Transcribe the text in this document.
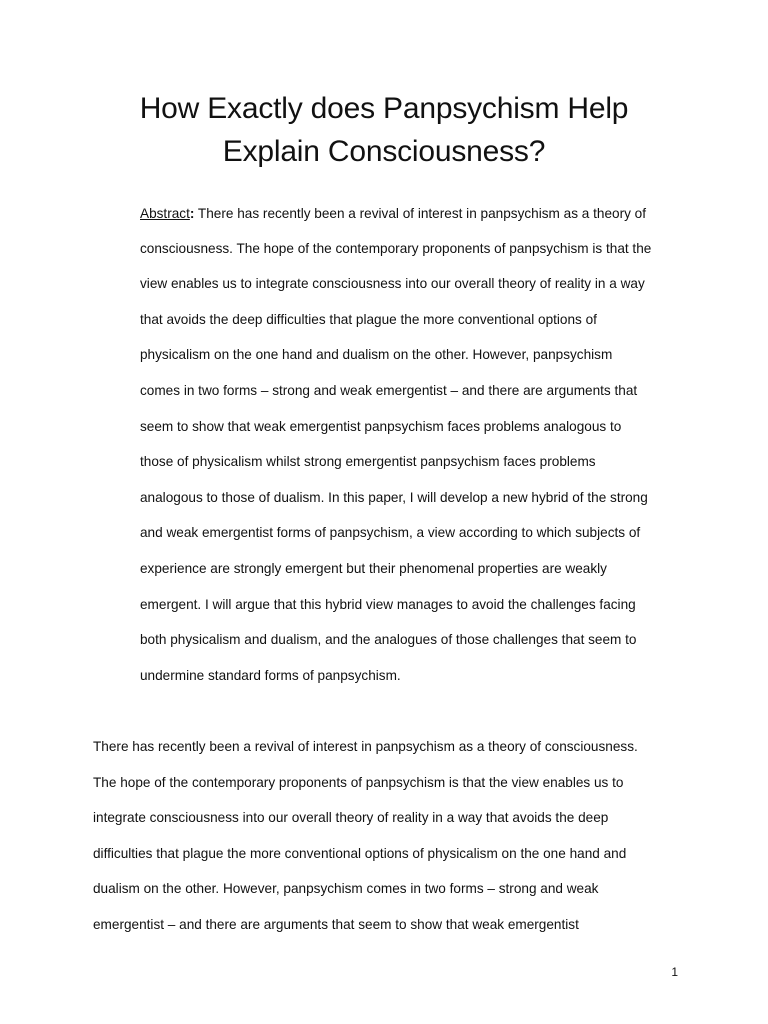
How Exactly does Panpsychism Help
Explain Consciousness?
Abstract: There has recently been a revival of interest in panpsychism as a theory of
consciousness. The hope of the contemporary proponents of panpsychism is that the
view enables us to integrate consciousness into our overall theory of reality in a way
that avoids the deep difficulties that plague the more conventional options of
physicalism on the one hand and dualism on the other. However, panpsychism
comes in two forms – strong and weak emergentist – and there are arguments that
seem to show that weak emergentist panpsychism faces problems analogous to
those of physicalism whilst strong emergentist panpsychism faces problems
analogous to those of dualism. In this paper, I will develop a new hybrid of the strong
and weak emergentist forms of panpsychism, a view according to which subjects of
experience are strongly emergent but their phenomenal properties are weakly
emergent. I will argue that this hybrid view manages to avoid the challenges facing
both physicalism and dualism, and the analogues of those challenges that seem to
undermine standard forms of panpsychism.
There has recently been a revival of interest in panpsychism as a theory of consciousness.
The hope of the contemporary proponents of panpsychism is that the view enables us to
integrate consciousness into our overall theory of reality in a way that avoids the deep
difficulties that plague the more conventional options of physicalism on the one hand and
dualism on the other. However, panpsychism comes in two forms – strong and weak
emergentist – and there are arguments that seem to show that weak emergentist
1
